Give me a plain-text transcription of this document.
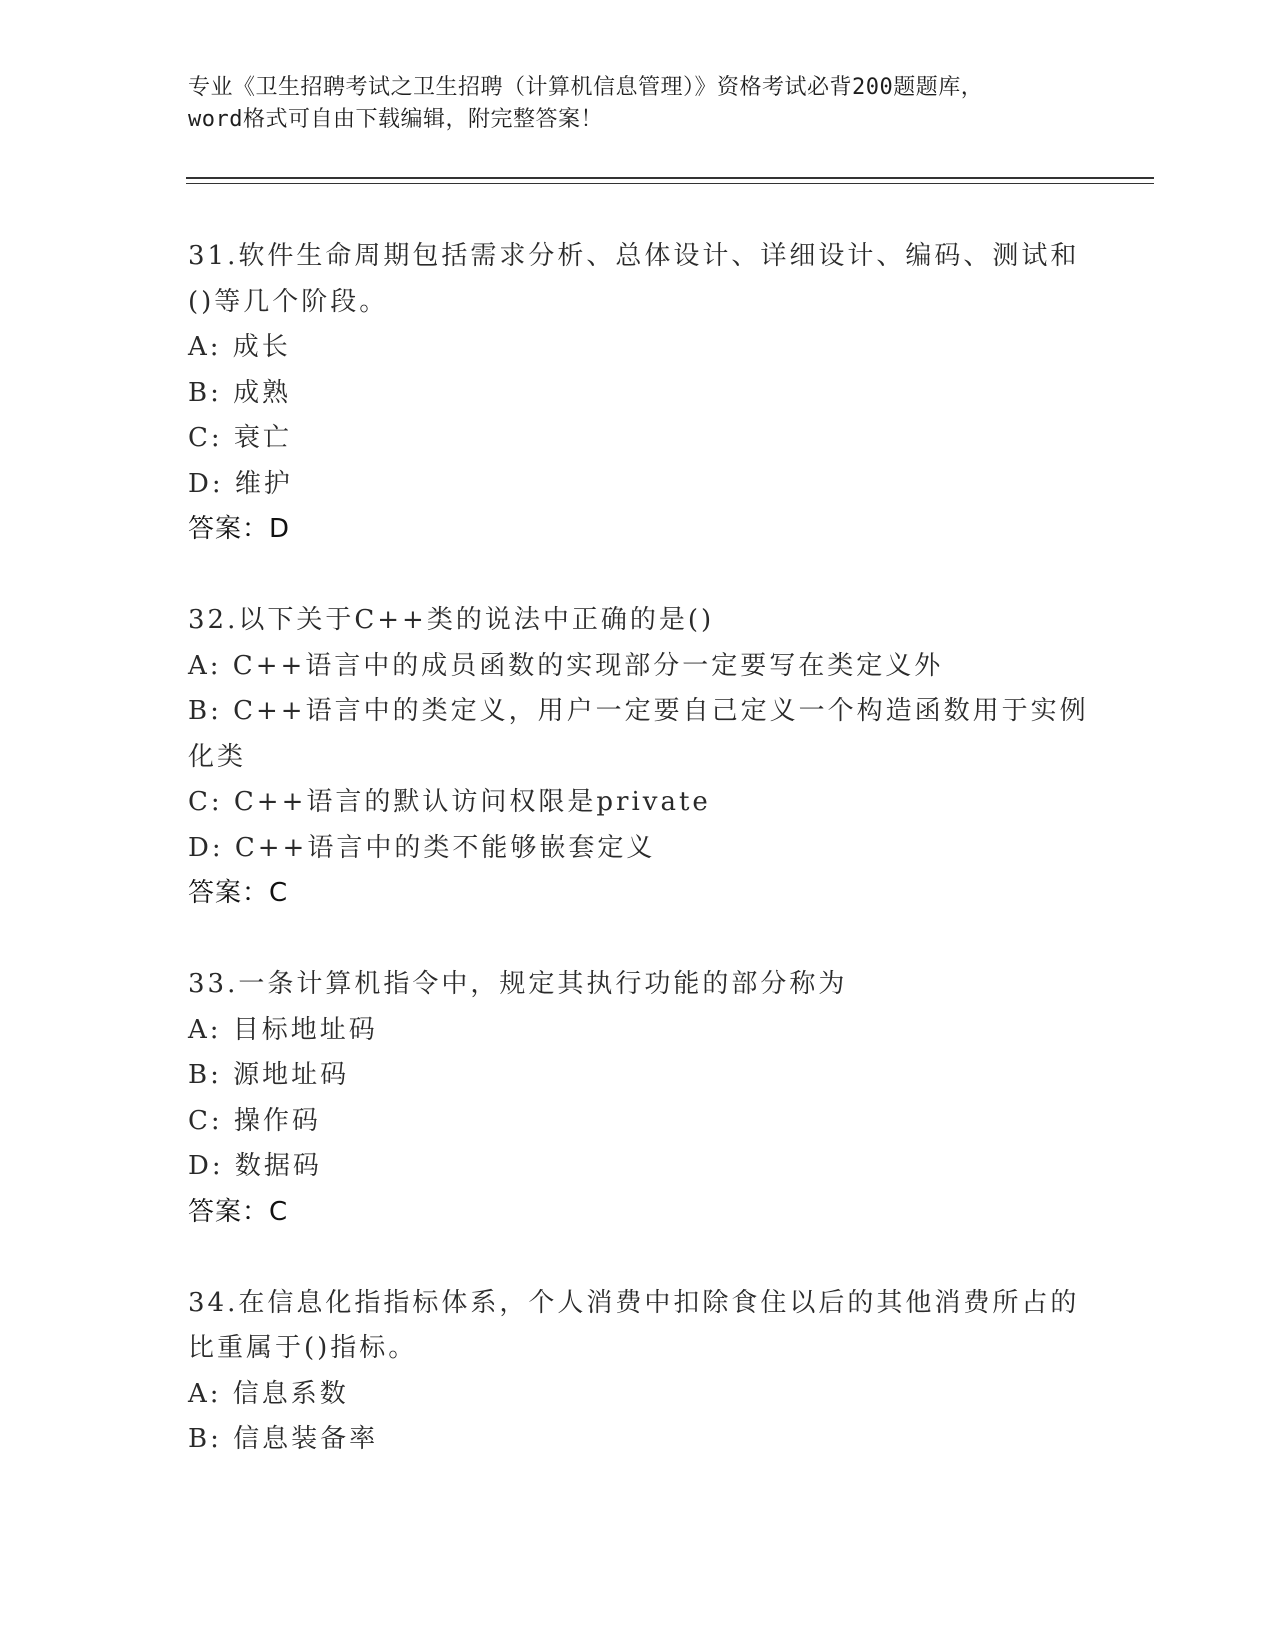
专业《卫生招聘考试之卫生招聘（计算机信息管理）》资格考试必背200题题库，
word格式可自由下载编辑，附完整答案！
31.软件生命周期包括需求分析、总体设计、详细设计、编码、测试和
()等几个阶段。
A: 成长
B: 成熟
C: 衰亡
D: 维护
答案：D
32.以下关于C++类的说法中正确的是()
A: C++语言中的成员函数的实现部分一定要写在类定义外
B: C++语言中的类定义，用户一定要自己定义一个构造函数用于实例
化类
C: C++语言的默认访问权限是private
D: C++语言中的类不能够嵌套定义
答案：C
33.一条计算机指令中，规定其执行功能的部分称为
A: 目标地址码
B: 源地址码
C: 操作码
D: 数据码
答案：C
34.在信息化指指标体系，个人消费中扣除食住以后的其他消费所占的
比重属于()指标。
A: 信息系数
B: 信息装备率
